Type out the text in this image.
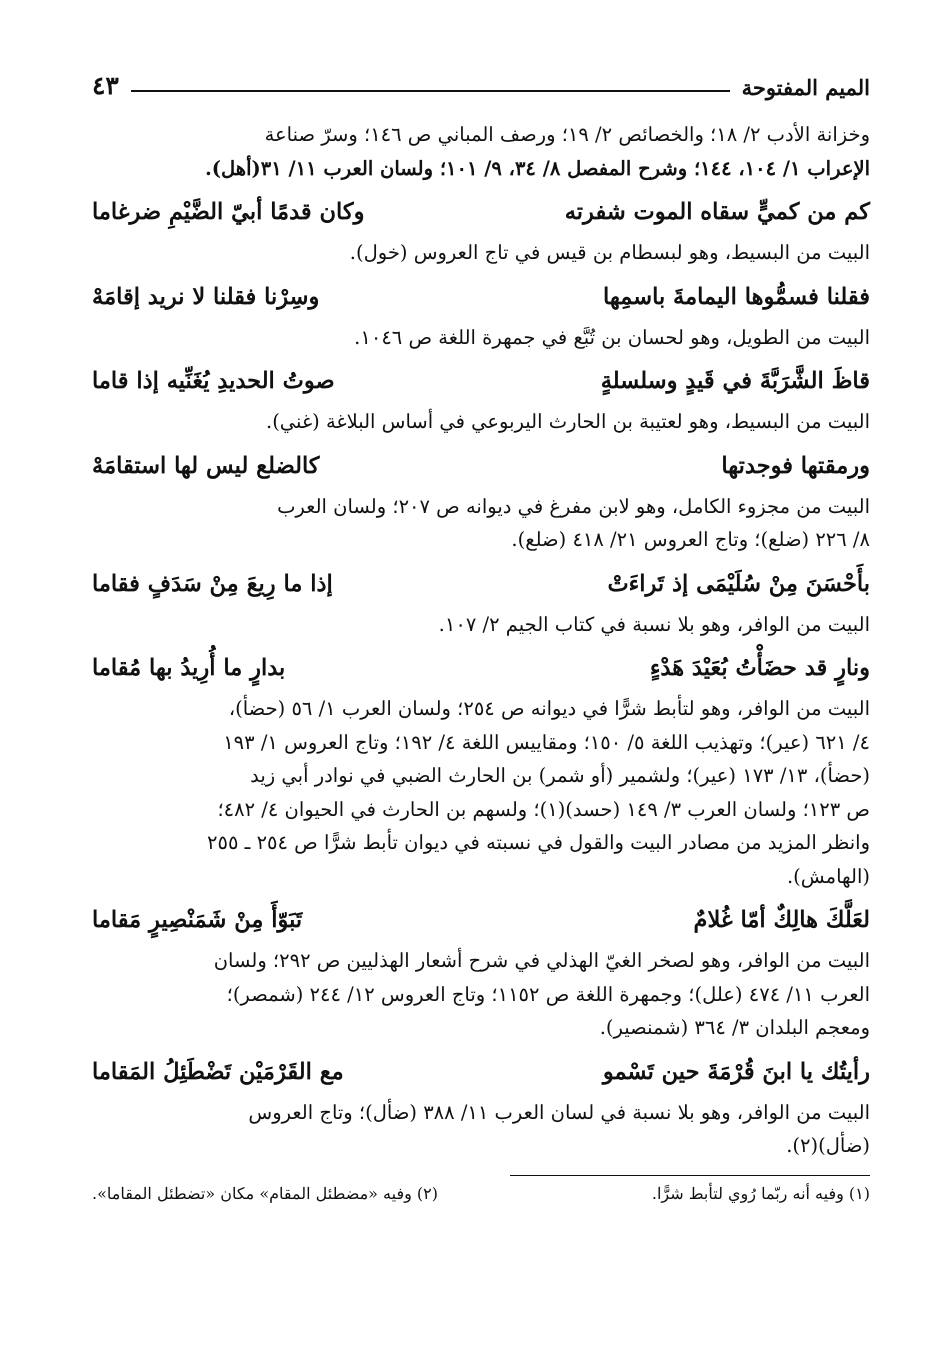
الميم المفتوحة
٤٣

وخزانة الأدب ٢/ ١٨؛ والخصائص ٢/ ١٩؛ ورصف المباني ص ١٤٦؛ وسرّ صناعة

الإعراب ١/ ١٠٤، ١٤٤؛ وشرح المفصل ٨/ ٣٤، ٩/ ١٠١؛ ولسان العرب ١١/ ٣١(أهل).

كم من كميٍّ سقاه الموت شفرته
وكان قدمًا أبيّ الضَّيْمِ ضرغاما

البيت من البسيط، وهو لبسطام بن قيس في تاج العروس (خول).

فقلنا فسمُّوها اليمامةَ باسمِها
وسِرْنا فقلنا لا نريد إقامَهْ

البيت من الطويل، وهو لحسان بن تُبَّع في جمهرة اللغة ص ١٠٤٦.

قاظَ الشَّرَبَّةَ في قَيدٍ وسلسلةٍ
صوتُ الحديدِ يُغَنِّيه إذا قاما

البيت من البسيط، وهو لعتيبة بن الحارث اليربوعي في أساس البلاغة (غني).

ورمقتها فوجدتها
كالضلع ليس لها استقامَهْ

البيت من مجزوء الكامل، وهو لابن مفرغ في ديوانه ص ٢٠٧؛ ولسان العرب

٨/ ٢٢٦ (ضلع)؛ وتاج العروس ٢١/ ٤١٨ (ضلع).

بأَحْسَنَ مِنْ سُلَيْمَى إذ تَراءَتْ
إذا ما رِيعَ مِنْ سَدَفٍ فقاما

البيت من الوافر، وهو بلا نسبة في كتاب الجيم ٢/ ١٠٧.

ونارٍ قد حضَأْتُ بُعَيْدَ هَدْءٍ
بدارٍ ما أُرِيدُ بها مُقاما

البيت من الوافر، وهو لتأبط شرًّا في ديوانه ص ٢٥٤؛ ولسان العرب ١/ ٥٦ (حضأ)،

٤/ ٦٢١ (عير)؛ وتهذيب اللغة ٥/ ١٥٠؛ ومقاييس اللغة ٤/ ١٩٢؛ وتاج العروس ١/ ١٩٣

(حضأ)، ١٣/ ١٧٣ (عير)؛ ولشمير (أو شمر) بن الحارث الضبي في نوادر أبي زيد

ص ١٢٣؛ ولسان العرب ٣/ ١٤٩ (حسد)(١)؛ ولسهم بن الحارث في الحيوان ٤/ ٤٨٢؛

وانظر المزيد من مصادر البيت والقول في نسبته في ديوان تأبط شرًّا ص ٢٥٤ ـ ٢٥٥

(الهامش).

لعَلَّكَ هالِكٌ أمّا غُلامٌ
تَبَوّأَ مِنْ شَمَنْصِيرٍ مَقاما

البيت من الوافر، وهو لصخر الغيّ الهذلي في شرح أشعار الهذليين ص ٢٩٢؛ ولسان

العرب ١١/ ٤٧٤ (علل)؛ وجمهرة اللغة ص ١١٥٢؛ وتاج العروس ١٢/ ٢٤٤ (شمصر)؛

ومعجم البلدان ٣/ ٣٦٤ (شمنصير).

رأيتُك يا ابنَ قُرْمَةَ حين تَسْمو
مع القَرْمَيْن تَضْطَئِلُ المَقاما

البيت من الوافر، وهو بلا نسبة في لسان العرب ١١/ ٣٨٨ (ضأل)؛ وتاج العروس

(ضأل)(٢).

(١) وفيه أنه ربّما رُوي لتأبط شرًّا.
(٢) وفيه «مضطئل المقام» مكان «تضطئل المقاما».
